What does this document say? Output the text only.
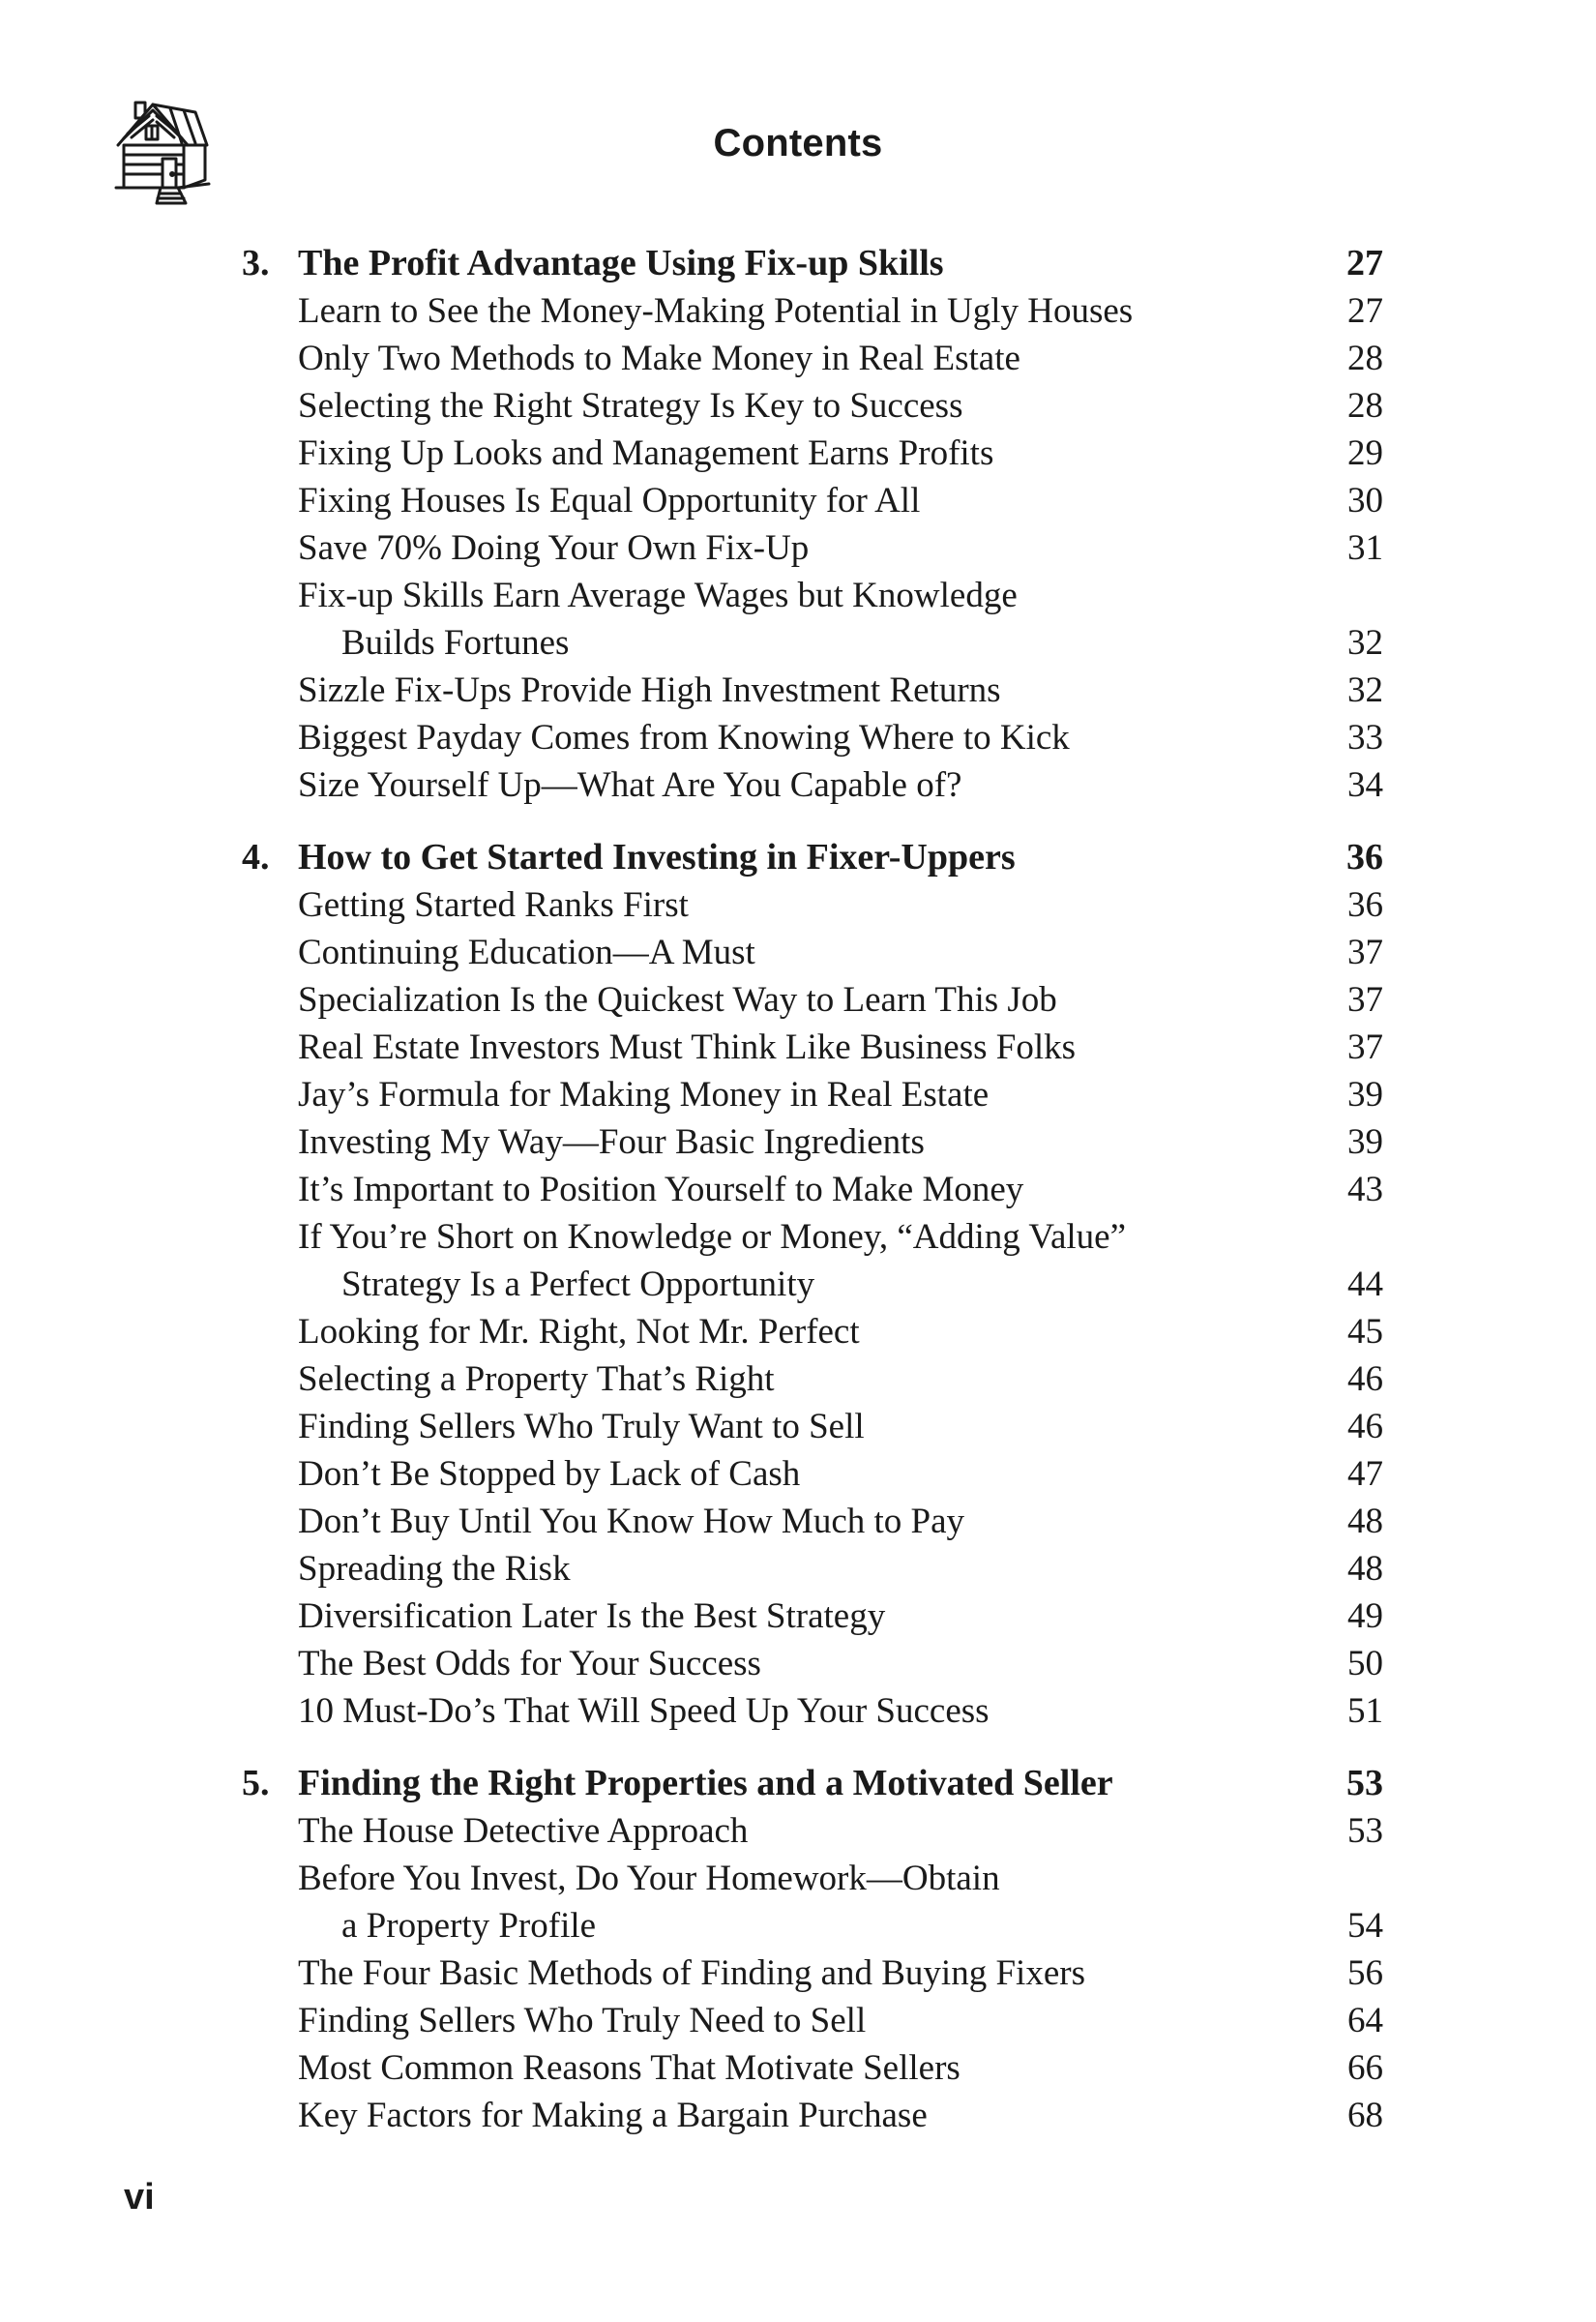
Contents
3. The Profit Advantage Using Fix-up Skills	27
Learn to See the Money-Making Potential in Ugly Houses	27
Only Two Methods to Make Money in Real Estate	28
Selecting the Right Strategy Is Key to Success	28
Fixing Up Looks and Management Earns Profits	29
Fixing Houses Is Equal Opportunity for All	30
Save 70% Doing Your Own Fix-Up	31
Fix-up Skills Earn Average Wages but Knowledge
Builds Fortunes	32
Sizzle Fix-Ups Provide High Investment Returns	32
Biggest Payday Comes from Knowing Where to Kick	33
Size Yourself Up—What Are You Capable of?	34
4. How to Get Started Investing in Fixer-Uppers	36
Getting Started Ranks First	36
Continuing Education—A Must	37
Specialization Is the Quickest Way to Learn This Job	37
Real Estate Investors Must Think Like Business Folks	37
Jay’s Formula for Making Money in Real Estate	39
Investing My Way—Four Basic Ingredients	39
It’s Important to Position Yourself to Make Money	43
If You’re Short on Knowledge or Money, “Adding Value”
Strategy Is a Perfect Opportunity	44
Looking for Mr. Right, Not Mr. Perfect	45
Selecting a Property That’s Right	46
Finding Sellers Who Truly Want to Sell	46
Don’t Be Stopped by Lack of Cash	47
Don’t Buy Until You Know How Much to Pay	48
Spreading the Risk	48
Diversification Later Is the Best Strategy	49
The Best Odds for Your Success	50
10 Must-Do’s That Will Speed Up Your Success	51
5. Finding the Right Properties and a Motivated Seller	53
The House Detective Approach	53
Before You Invest, Do Your Homework—Obtain
a Property Profile	54
The Four Basic Methods of Finding and Buying Fixers	56
Finding Sellers Who Truly Need to Sell	64
Most Common Reasons That Motivate Sellers	66
Key Factors for Making a Bargain Purchase	68
vi
